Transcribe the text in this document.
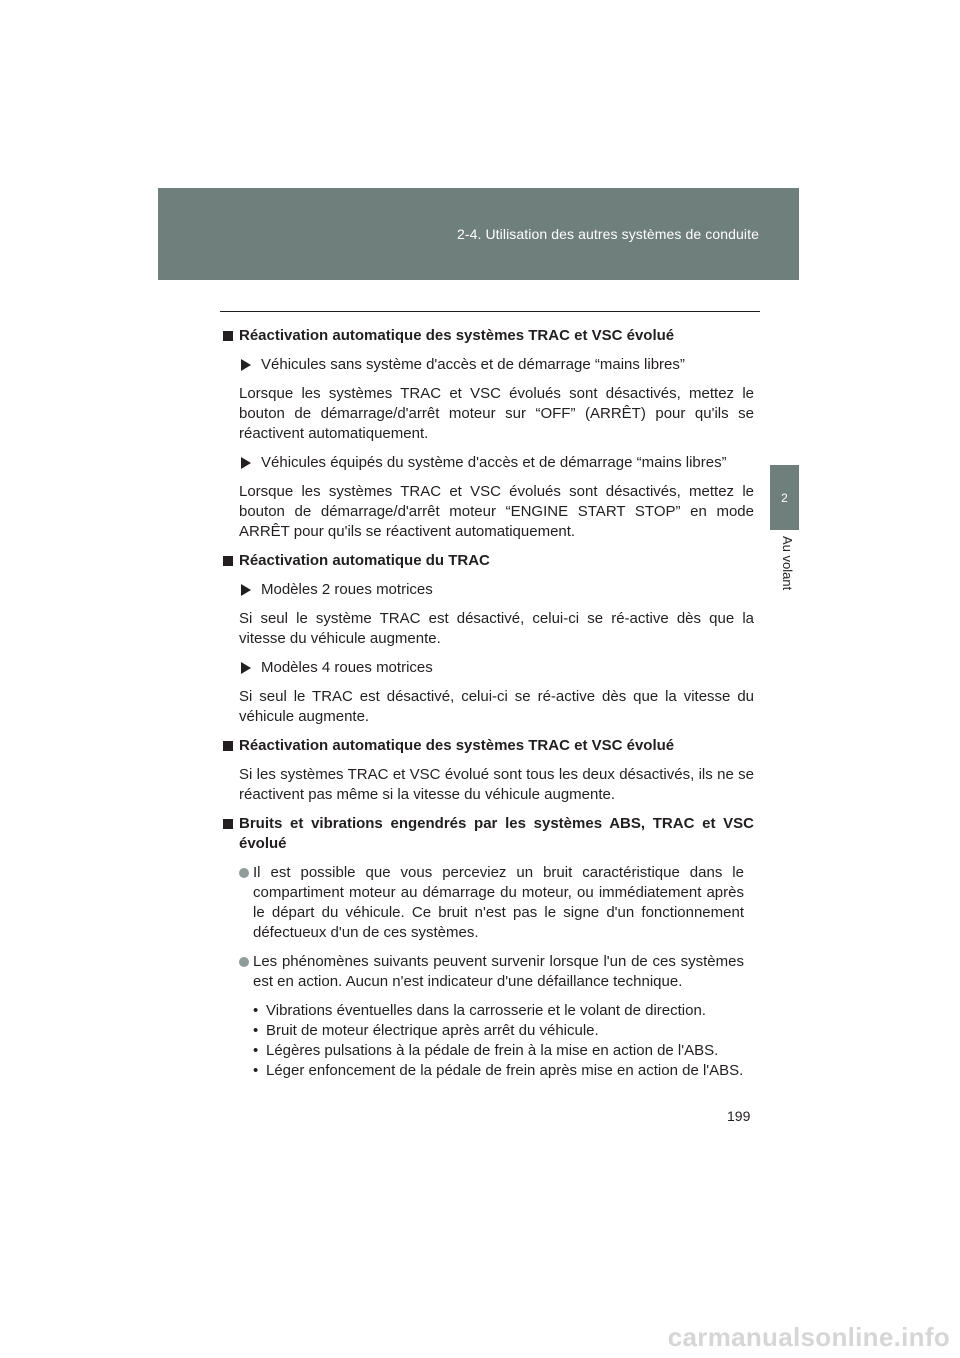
2-4. Utilisation des autres systèmes de conduite
2
Au volant
Réactivation automatique des systèmes TRAC et VSC évolué
Véhicules sans système d'accès et de démarrage “mains libres”
Lorsque les systèmes TRAC et VSC évolués sont désactivés, mettez le bouton de démarrage/d'arrêt moteur sur “OFF” (ARRÊT) pour qu'ils se réactivent automatiquement.
Véhicules équipés du système d'accès et de démarrage “mains libres”
Lorsque les systèmes TRAC et VSC évolués sont désactivés, mettez le bouton de démarrage/d'arrêt moteur “ENGINE START STOP” en mode ARRÊT pour qu'ils se réactivent automatiquement.
Réactivation automatique du TRAC
Modèles 2 roues motrices
Si seul le système TRAC est désactivé, celui-ci se ré-active dès que la vitesse du véhicule augmente.
Modèles 4 roues motrices
Si seul le TRAC est désactivé, celui-ci se ré-active dès que la vitesse du véhicule augmente.
Réactivation automatique des systèmes TRAC et VSC évolué
Si les systèmes TRAC et VSC évolué sont tous les deux désactivés, ils ne se réactivent pas même si la vitesse du véhicule augmente.
Bruits et vibrations engendrés par les systèmes ABS, TRAC et VSC évolué
Il est possible que vous perceviez un bruit caractéristique dans le compartiment moteur au démarrage du moteur, ou immédiatement après le départ du véhicule. Ce bruit n'est pas le signe d'un fonctionnement défectueux d'un de ces systèmes.
Les phénomènes suivants peuvent survenir lorsque l'un de ces systèmes est en action. Aucun n'est indicateur d'une défaillance technique.
• Vibrations éventuelles dans la carrosserie et le volant de direction.
• Bruit de moteur électrique après arrêt du véhicule.
• Légères pulsations à la pédale de frein à la mise en action de l'ABS.
• Léger enfoncement de la pédale de frein après mise en action de l'ABS.
199
carmanualsonline.info
